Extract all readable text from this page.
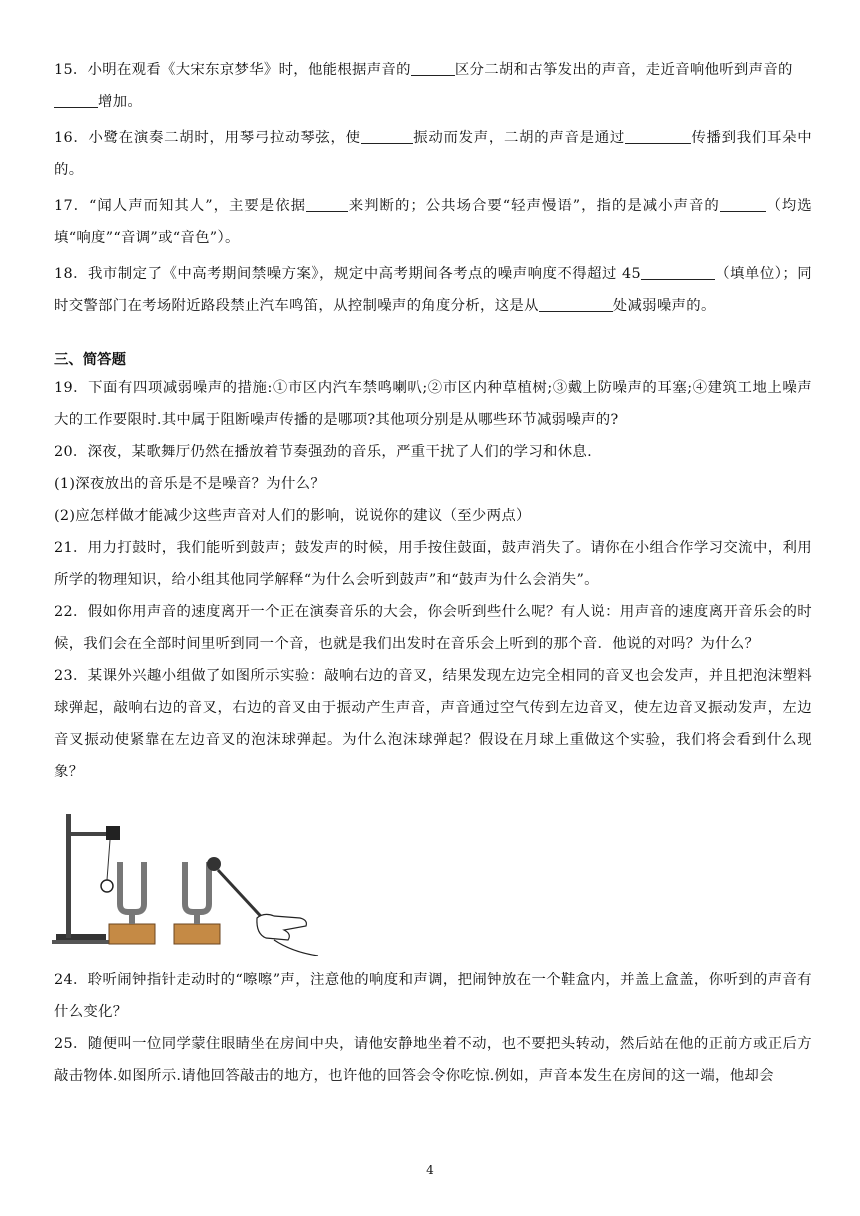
15．小明在观看《大宋东京梦华》时，他能根据声音的	区分二胡和古筝发出的声音，走近音响他听到声音的
增加。
16．小鹭在演奏二胡时，用琴弓拉动琴弦，使	振动而发声，二胡的声音是通过	传播到我们耳朵中的。
17．“闻人声而知其人”，主要是依据	来判断的；公共场合要“轻声慢语”，指的是减小声音的	（均选填“响度”“音调”或“音色”）。
18．我市制定了《中高考期间禁噪方案》，规定中高考期间各考点的噪声响度不得超过 45	（填单位）；同时交警部门在考场附近路段禁止汽车鸣笛，从控制噪声的角度分析，这是从	处减弱噪声的。
三、简答题
19．下面有四项减弱噪声的措施:①市区内汽车禁鸣喇叭;②市区内种草植树;③戴上防噪声的耳塞;④建筑工地上噪声大的工作要限时.其中属于阻断噪声传播的是哪项?其他项分别是从哪些环节减弱噪声的?
20．深夜，某歌舞厅仍然在播放着节奏强劲的音乐，严重干扰了人们的学习和休息.
(1)深夜放出的音乐是不是噪音？为什么？
(2)应怎样做才能减少这些声音对人们的影响，说说你的建议（至少两点）
21．用力打鼓时，我们能听到鼓声；鼓发声的时候，用手按住鼓面，鼓声消失了。请你在小组合作学习交流中，利用所学的物理知识，给小组其他同学解释“为什么会听到鼓声”和“鼓声为什么会消失”。
22．假如你用声音的速度离开一个正在演奏音乐的大会，你会听到些什么呢？有人说：用声音的速度离开音乐会的时候，我们会在全部时间里听到同一个音，也就是我们出发时在音乐会上听到的那个音．他说的对吗？为什么？
23．某课外兴趣小组做了如图所示实验：敲响右边的音叉，结果发现左边完全相同的音叉也会发声，并且把泡沫塑料球弹起，敲响右边的音叉，右边的音叉由于振动产生声音，声音通过空气传到左边音叉，使左边音叉振动发声，左边音叉振动使紧靠在左边音叉的泡沫球弹起。为什么泡沫球弹起？假设在月球上重做这个实验，我们将会看到什么现象？
24．聆听闹钟指针走动时的“嚓嚓”声，注意他的响度和声调，把闹钟放在一个鞋盒内，并盖上盒盖，你听到的声音有什么变化？
25．随便叫一位同学蒙住眼睛坐在房间中央，请他安静地坐着不动，也不要把头转动，然后站在他的正前方或正后方敲击物体.如图所示.请他回答敲击的地方，也许他的回答会令你吃惊.例如，声音本发生在房间的这一端，他却会
4
